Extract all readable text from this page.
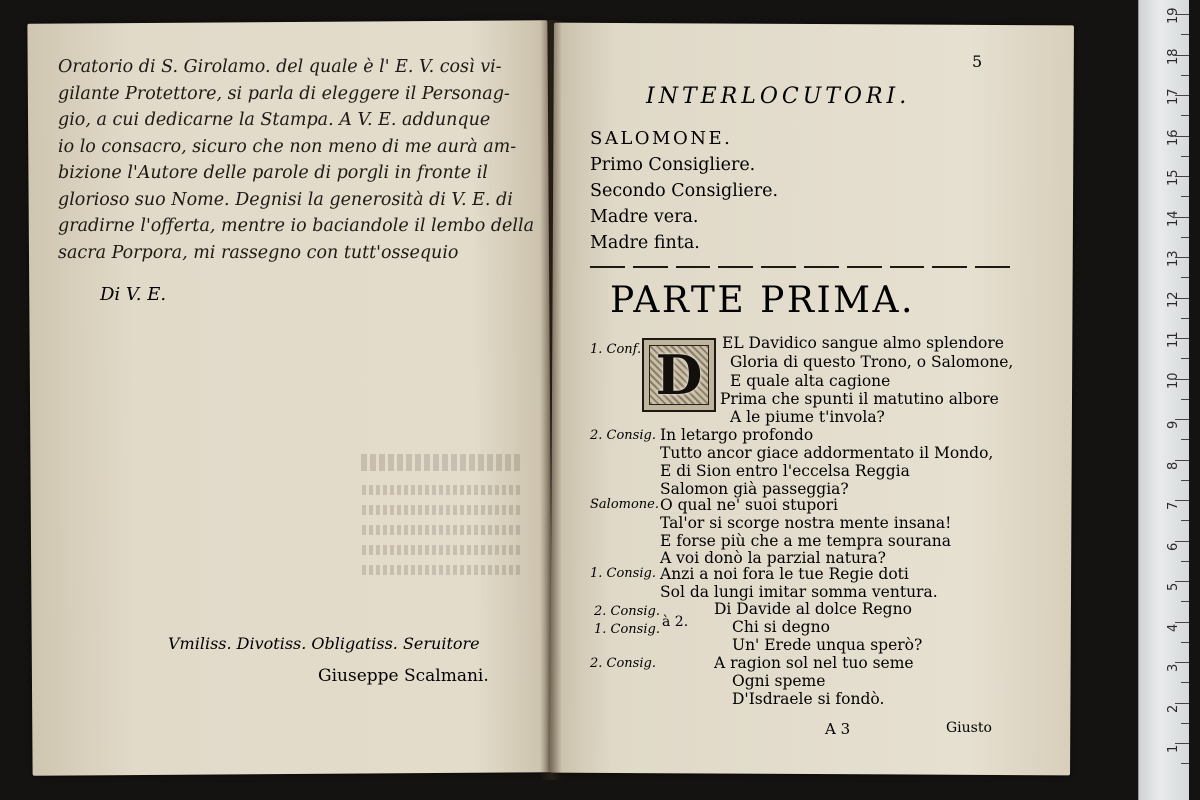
Oratorio di S. Girolamo. del quale è l' E. V. così vi-
gilante Protettore, si parla di eleggere il Personag-
gio, a cui dedicarne la Stampa. A V. E. addunque
io lo consacro, sicuro che non meno di me aurà am-
bizione l'Autore delle parole di porgli in fronte il
glorioso suo Nome. Degnisi la generosità di V. E. di
gradirne l'offerta, mentre io baciandole il lembo della
sacra Porpora, mi rassegno con tutt'ossequio
Di V. E.
Vmiliss. Divotiss. Obligatiss. Seruitore
Giuseppe Scalmani.
5
INTERLOCUTORI.
SALOMONE.
Primo Consigliere.
Secondo Consigliere.
Madre vera.
Madre finta.
PARTE PRIMA.
D
1. Conf.
2. Consig.
Salomone.
1. Consig.
2. Consig.
1. Consig.
2. Consig.
à 2.
EL Davidico sangue almo splendore
Gloria di questo Trono, o Salomone,
E quale alta cagione
Prima che spunti il matutino albore
A le piume t'invola?
In letargo profondo
Tutto ancor giace addormentato il Mondo,
E di Sion entro l'eccelsa Reggia
Salomon già passeggia?
O qual ne' suoi stupori
Tal'or si scorge nostra mente insana!
E forse più che a me tempra sourana
A voi donò la parzial natura?
Anzi a noi fora le tue Regie doti
Sol da lungi imitar somma ventura.
Di Davide al dolce Regno
Chi si degno
Un' Erede unqua sperò?
A ragion sol nel tuo seme
Ogni speme
D'Isdraele si fondò.
A 3	Giusto
19
18
17
16
15
14
13
12
11
10
9
8
7
6
5
4
3
2
1
